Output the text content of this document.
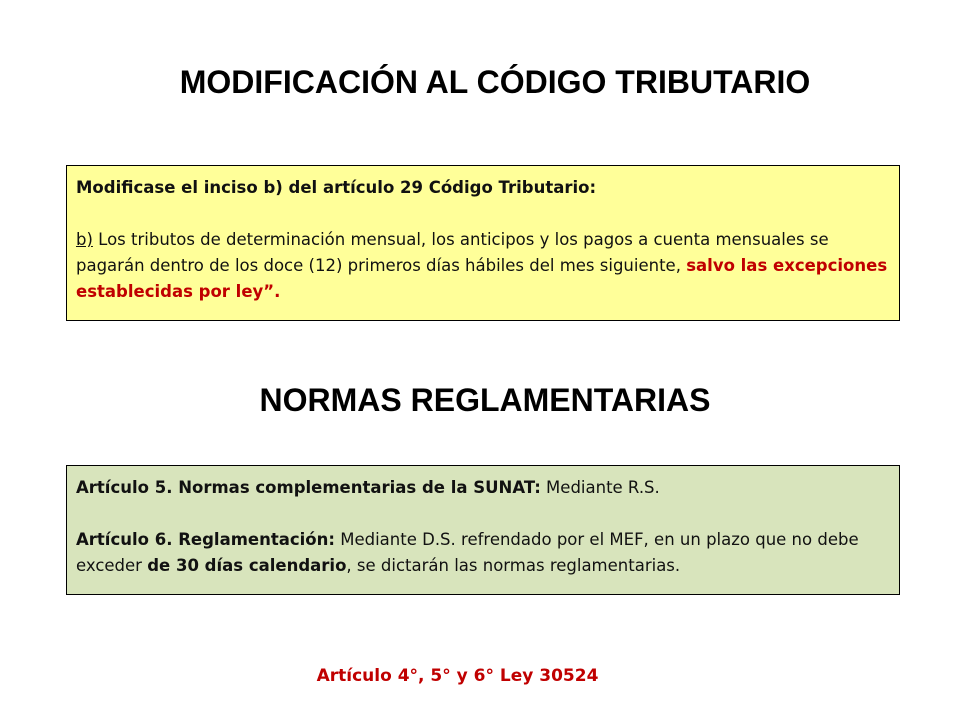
MODIFICACIÓN AL CÓDIGO TRIBUTARIO

Modificase el inciso b) del artículo 29 Código Tributario:

b) Los tributos de determinación mensual, los anticipos y los pagos a cuenta mensuales se pagarán dentro de los doce (12) primeros días hábiles del mes siguiente, salvo las excepciones establecidas por ley”.

NORMAS REGLAMENTARIAS

Artículo 5. Normas complementarias de la SUNAT: Mediante R.S.

Artículo 6. Reglamentación: Mediante D.S. refrendado por el MEF, en un plazo que no debe exceder de 30 días calendario, se dictarán las normas reglamentarias.

Artículo 4°, 5° y 6° Ley 30524
